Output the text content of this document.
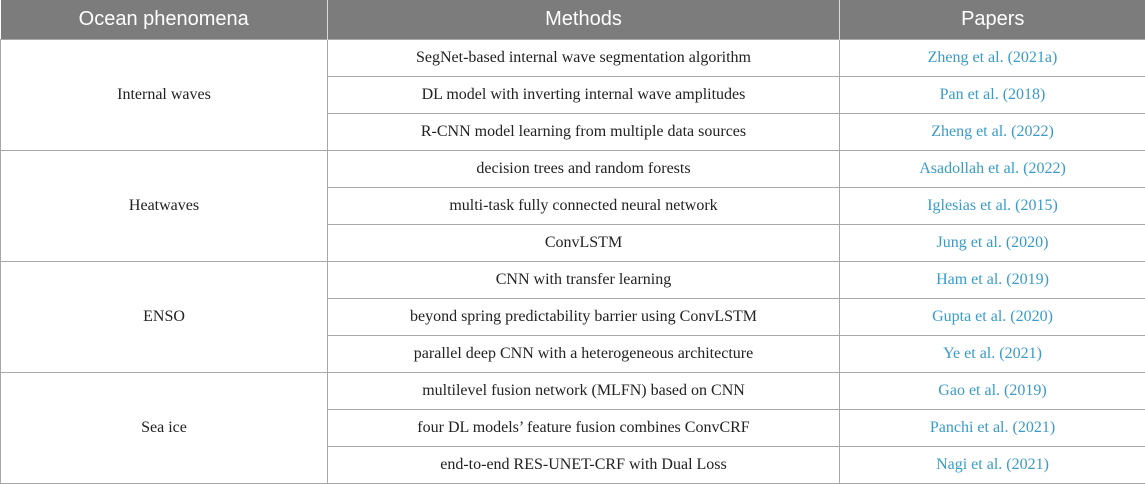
Ocean phenomena	Methods	Papers
Internal waves	SegNet-based internal wave segmentation algorithm	Zheng et al. (2021a)
	DL model with inverting internal wave amplitudes	Pan et al. (2018)
	R-CNN model learning from multiple data sources	Zheng et al. (2022)
Heatwaves	decision trees and random forests	Asadollah et al. (2022)
	multi-task fully connected neural network	Iglesias et al. (2015)
	ConvLSTM	Jung et al. (2020)
ENSO	CNN with transfer learning	Ham et al. (2019)
	beyond spring predictability barrier using ConvLSTM	Gupta et al. (2020)
	parallel deep CNN with a heterogeneous architecture	Ye et al. (2021)
Sea ice	multilevel fusion network (MLFN) based on CNN	Gao et al. (2019)
	four DL models’ feature fusion combines ConvCRF	Panchi et al. (2021)
	end-to-end RES-UNET-CRF with Dual Loss	Nagi et al. (2021)
